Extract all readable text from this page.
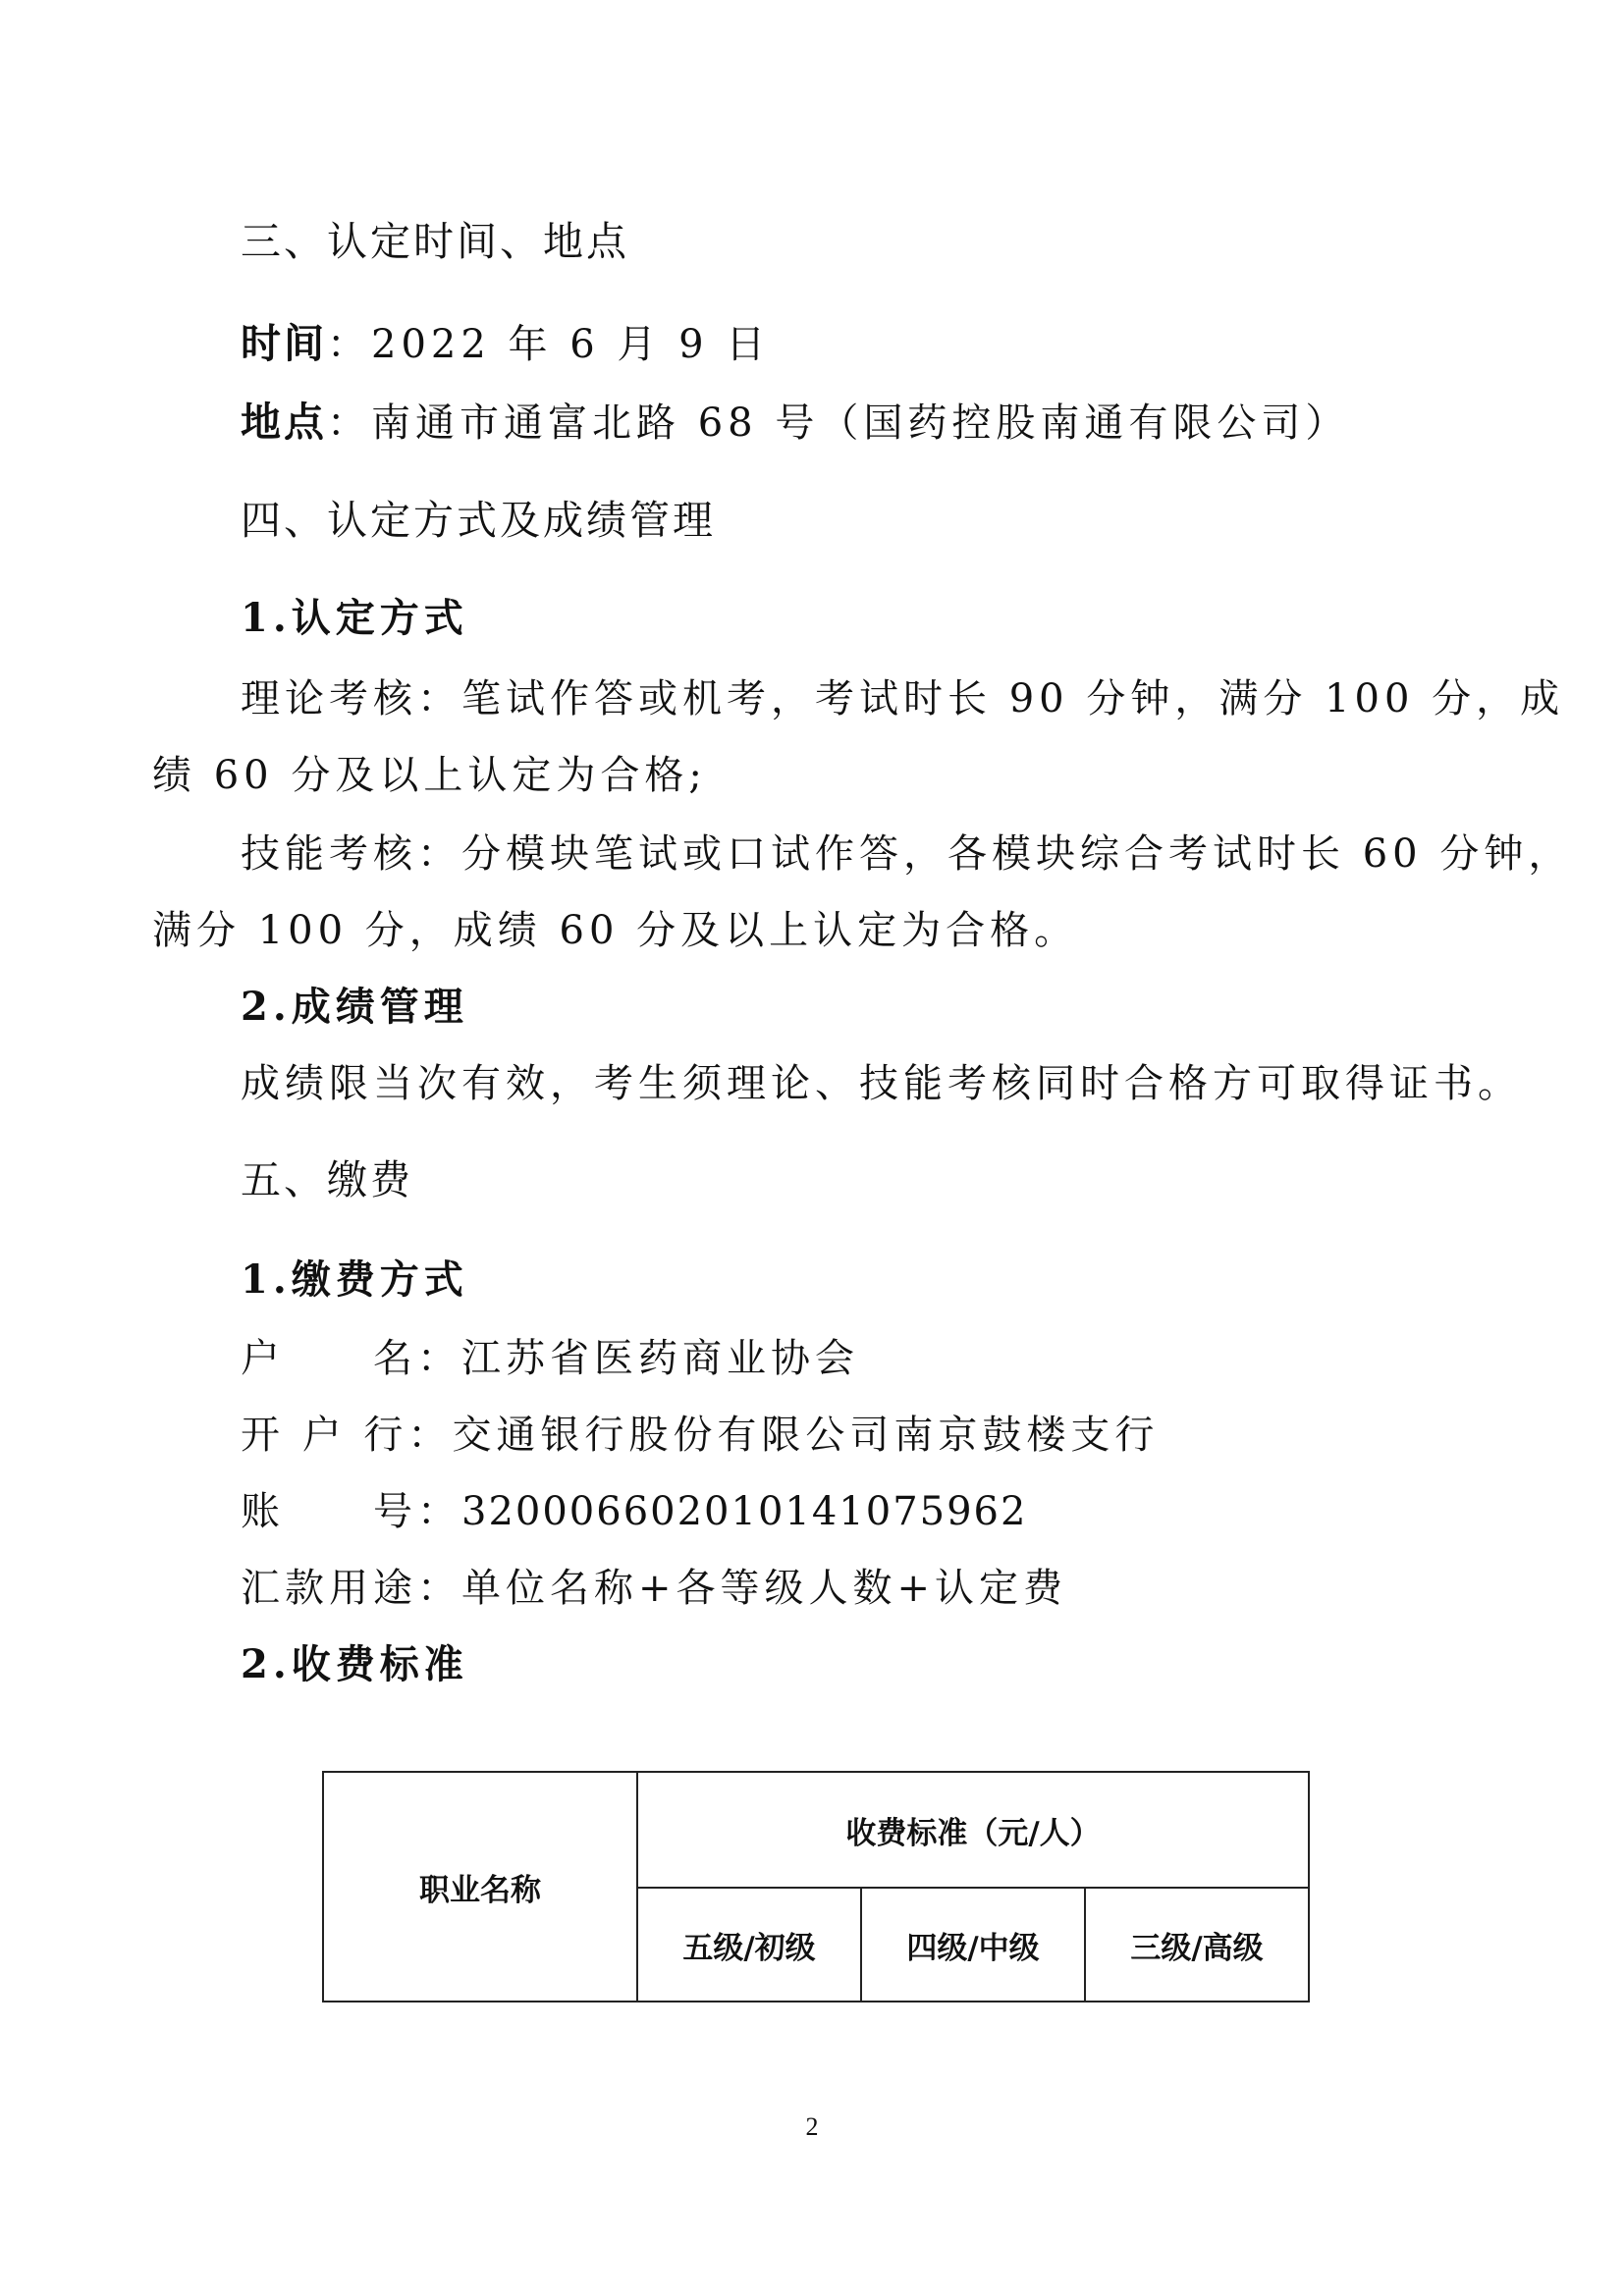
三、认定时间、地点
时间：2022 年 6 月 9 日
地点：南通市通富北路 68 号（国药控股南通有限公司）
四、认定方式及成绩管理
1.认定方式
理论考核：笔试作答或机考，考试时长 90 分钟，满分 100 分，成
绩 60 分及以上认定为合格;
技能考核：分模块笔试或口试作答，各模块综合考试时长 60 分钟，
满分 100 分，成绩 60 分及以上认定为合格。
2.成绩管理
成绩限当次有效，考生须理论、技能考核同时合格方可取得证书。
五、缴费
1.缴费方式
户　　名：江苏省医药商业协会
开 户 行：交通银行股份有限公司南京鼓楼支行
账　　号：320006602010141075962
汇款用途：单位名称+各等级人数+认定费
2.收费标准
职业名称	收费标准（元/人）		
	五级/初级	四级/中级	三级/高级
2
